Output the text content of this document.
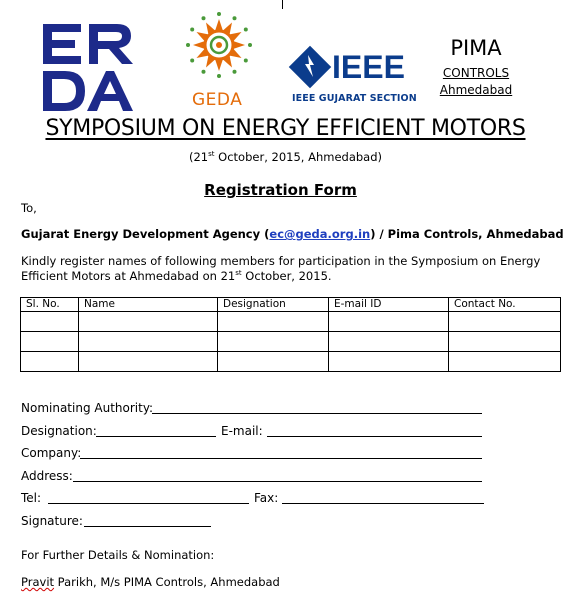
GEDA
IEEE
IEEE GUJARAT SECTION
PIMA
CONTROLS
Ahmedabad
SYMPOSIUM ON ENERGY EFFICIENT MOTORS
(21st October, 2015, Ahmedabad)
Registration Form
To,
Gujarat Energy Development Agency (ec@geda.org.in) / Pima Controls, Ahmedabad
Kindly register names of following members for participation in the Symposium on Energy
Efficient Motors at Ahmedabad on 21st October, 2015.
Sl. No.	Name	Designation	E-mail ID	Contact No.

Nominating Authority:
Designation:	E-mail:
Company:
Address:
Tel:	Fax:
Signature:
For Further Details & Nomination:
Pravit Parikh, M/s PIMA Controls, Ahmedabad
